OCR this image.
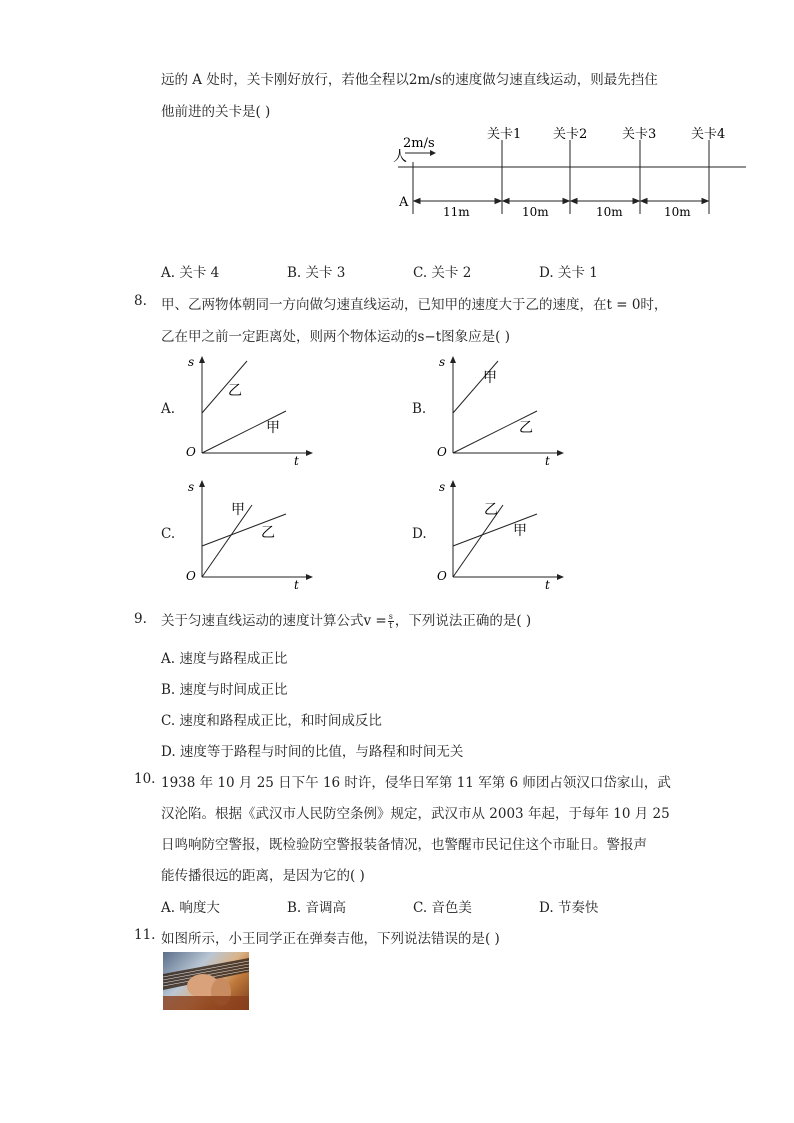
远的 A 处时，关卡刚好放行，若他全程以2m/s的速度做匀速直线运动，则最先挡住
他前进的关卡是( )
2m/s
人
A
关卡1 关卡2	关卡3	关卡4
11m	10m	10m	10m
A. 关卡 4	B. 关卡 3	C. 关卡 2	D. 关卡 1
8. 甲、乙两物体朝同一方向做匀速直线运动，已知甲的速度大于乙的速度，在t = 0时，
乙在甲之前一定距离处，则两个物体运动的s−t图象应是( )
A.
s
t
O
乙
甲
B.
s
t
O
甲
乙
C.
s
t
O
甲
乙	D.
s
t
O
乙
甲
9. 关于匀速直线运动的速度计算公式$v = \frac{s}{t}$ ，下列说法正确的是( )
A. 速度与路程成正比
B. 速度与时间成正比
C. 速度和路程成正比，和时间成反比
D. 速度等于路程与时间的比值，与路程和时间无关
10. 1938 年 10 月 25 日下午 16 时许，侵华日军第 11 军第 6 师团占领汉口岱家山，武
汉沦陷。根据《武汉市人民防空条例》规定，武汉市从 2003 年起，于每年 10 月 25
日鸣响防空警报，既检验防空警报装备情况，也警醒市民记住这个市耻日。警报声
能传播很远的距离，是因为它的( )
A. 响度大	B. 音调高	C. 音色美	D. 节奏快
11. 如图所示，小王同学正在弹奏吉他，下列说法错误的是( )
